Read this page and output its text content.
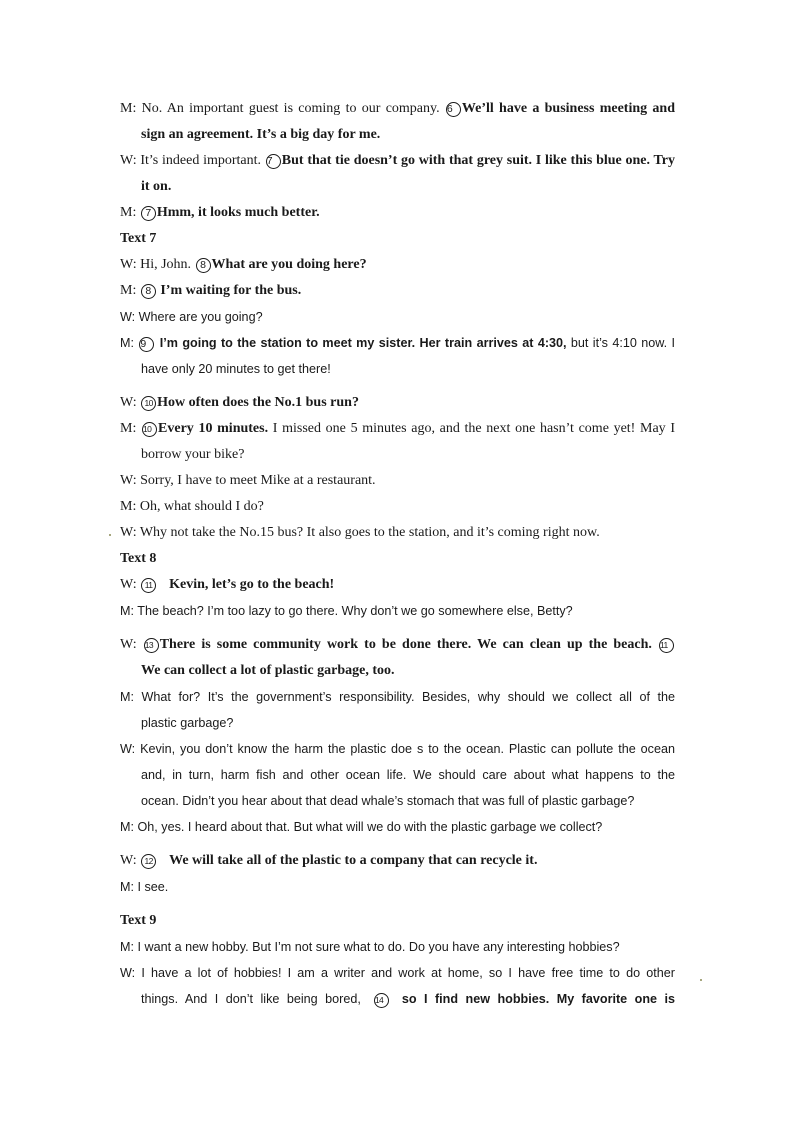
M: No. An important guest is coming to our company. 6 We’ll have a business meeting and
sign an agreement. It’s a big day for me.
W: It’s indeed important. 7 But that tie doesn’t go with that grey suit. I like this blue one. Try
it on.
M: 7 Hmm, it looks much better.
Text 7
W: Hi, John. 8 What are you doing here?
M: 8 I’m waiting for the bus.
W: Where are you going?
M: 9 I’m going to the station to meet my sister. Her train arrives at 4:30, but it’s 4:10 now. I
have only 20 minutes to get there!
W: 10 How often does the No.1 bus run?
M: 10 Every 10 minutes. I missed one 5 minutes ago, and the next one hasn’t come yet! May I
borrow your bike?
W: Sorry, I have to meet Mike at a restaurant.
M: Oh, what should I do?
W: Why not take the No.15 bus? It also goes to the station, and it’s coming right now.
Text 8
W: 11 Kevin, let’s go to the beach!
M: The beach? I’m too lazy to go there. Why don’t we go somewhere else, Betty?
W: 13 There is some community work to be done there. We can clean up the beach. 11
We can collect a lot of plastic garbage, too.
M: What for? It’s the government’s responsibility. Besides, why should we collect all of the
plastic garbage?
W: Kevin, you don’t know the harm the plastic doe s to the ocean. Plastic can pollute the ocean
and, in turn, harm fish and other ocean life. We should care about what happens to the
ocean. Didn’t you hear about that dead whale’s stomach that was full of plastic garbage?
M: Oh, yes. I heard about that. But what will we do with the plastic garbage we collect?
W: 12 We will take all of the plastic to a company that can recycle it.
M: I see.
Text 9
M: I want a new hobby. But I’m not sure what to do. Do you have any interesting hobbies?
W: I have a lot of hobbies! I am a writer and work at home, so I have free time to do other
things. And I don’t like being bored, 14 so I find new hobbies. My favorite one is
